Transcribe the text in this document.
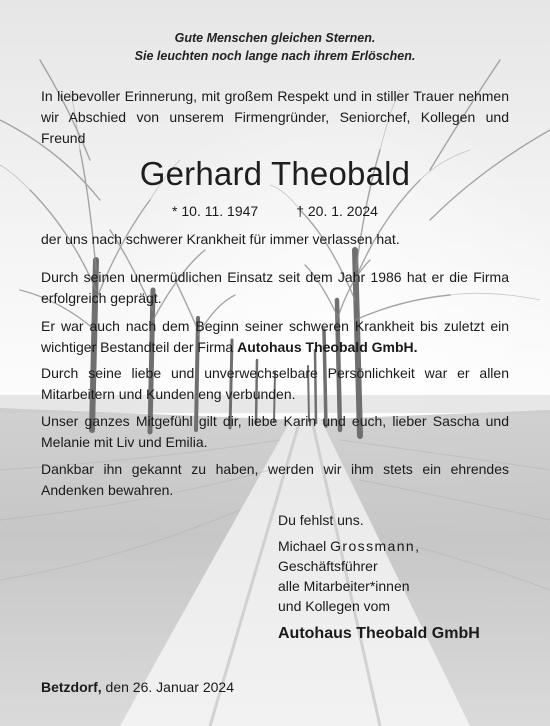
Gute Menschen gleichen Sternen.
Sie leuchten noch lange nach ihrem Erlöschen.

In liebevoller Erinnerung, mit großem Respekt und in stiller Trauer nehmen wir Abschied von unserem Firmengründer, Seniorchef, Kollegen und Freund

Gerhard Theobald
* 10. 11. 1947	† 20. 1. 2024

der uns nach schwerer Krankheit für immer verlassen hat.

Durch seinen unermüdlichen Einsatz seit dem Jahr 1986 hat er die Firma erfolgreich geprägt.

Er war auch nach dem Beginn seiner schweren Krankheit bis zuletzt ein wichtiger Bestandteil der Firma Autohaus Theobald GmbH.

Durch seine liebe und unverwechselbare Persönlichkeit war er allen Mitarbeitern und Kunden eng verbunden.

Unser ganzes Mitgefühl gilt dir, liebe Karin und euch, lieber Sascha und Melanie mit Liv und Emilia.

Dankbar ihn gekannt zu haben, werden wir ihm stets ein ehrendes Andenken bewahren.

Du fehlst uns.
Michael Grossmann,
Geschäftsführer
alle Mitarbeiter*innen
und Kollegen vom
Autohaus Theobald GmbH
Betzdorf, den 26. Januar 2024
